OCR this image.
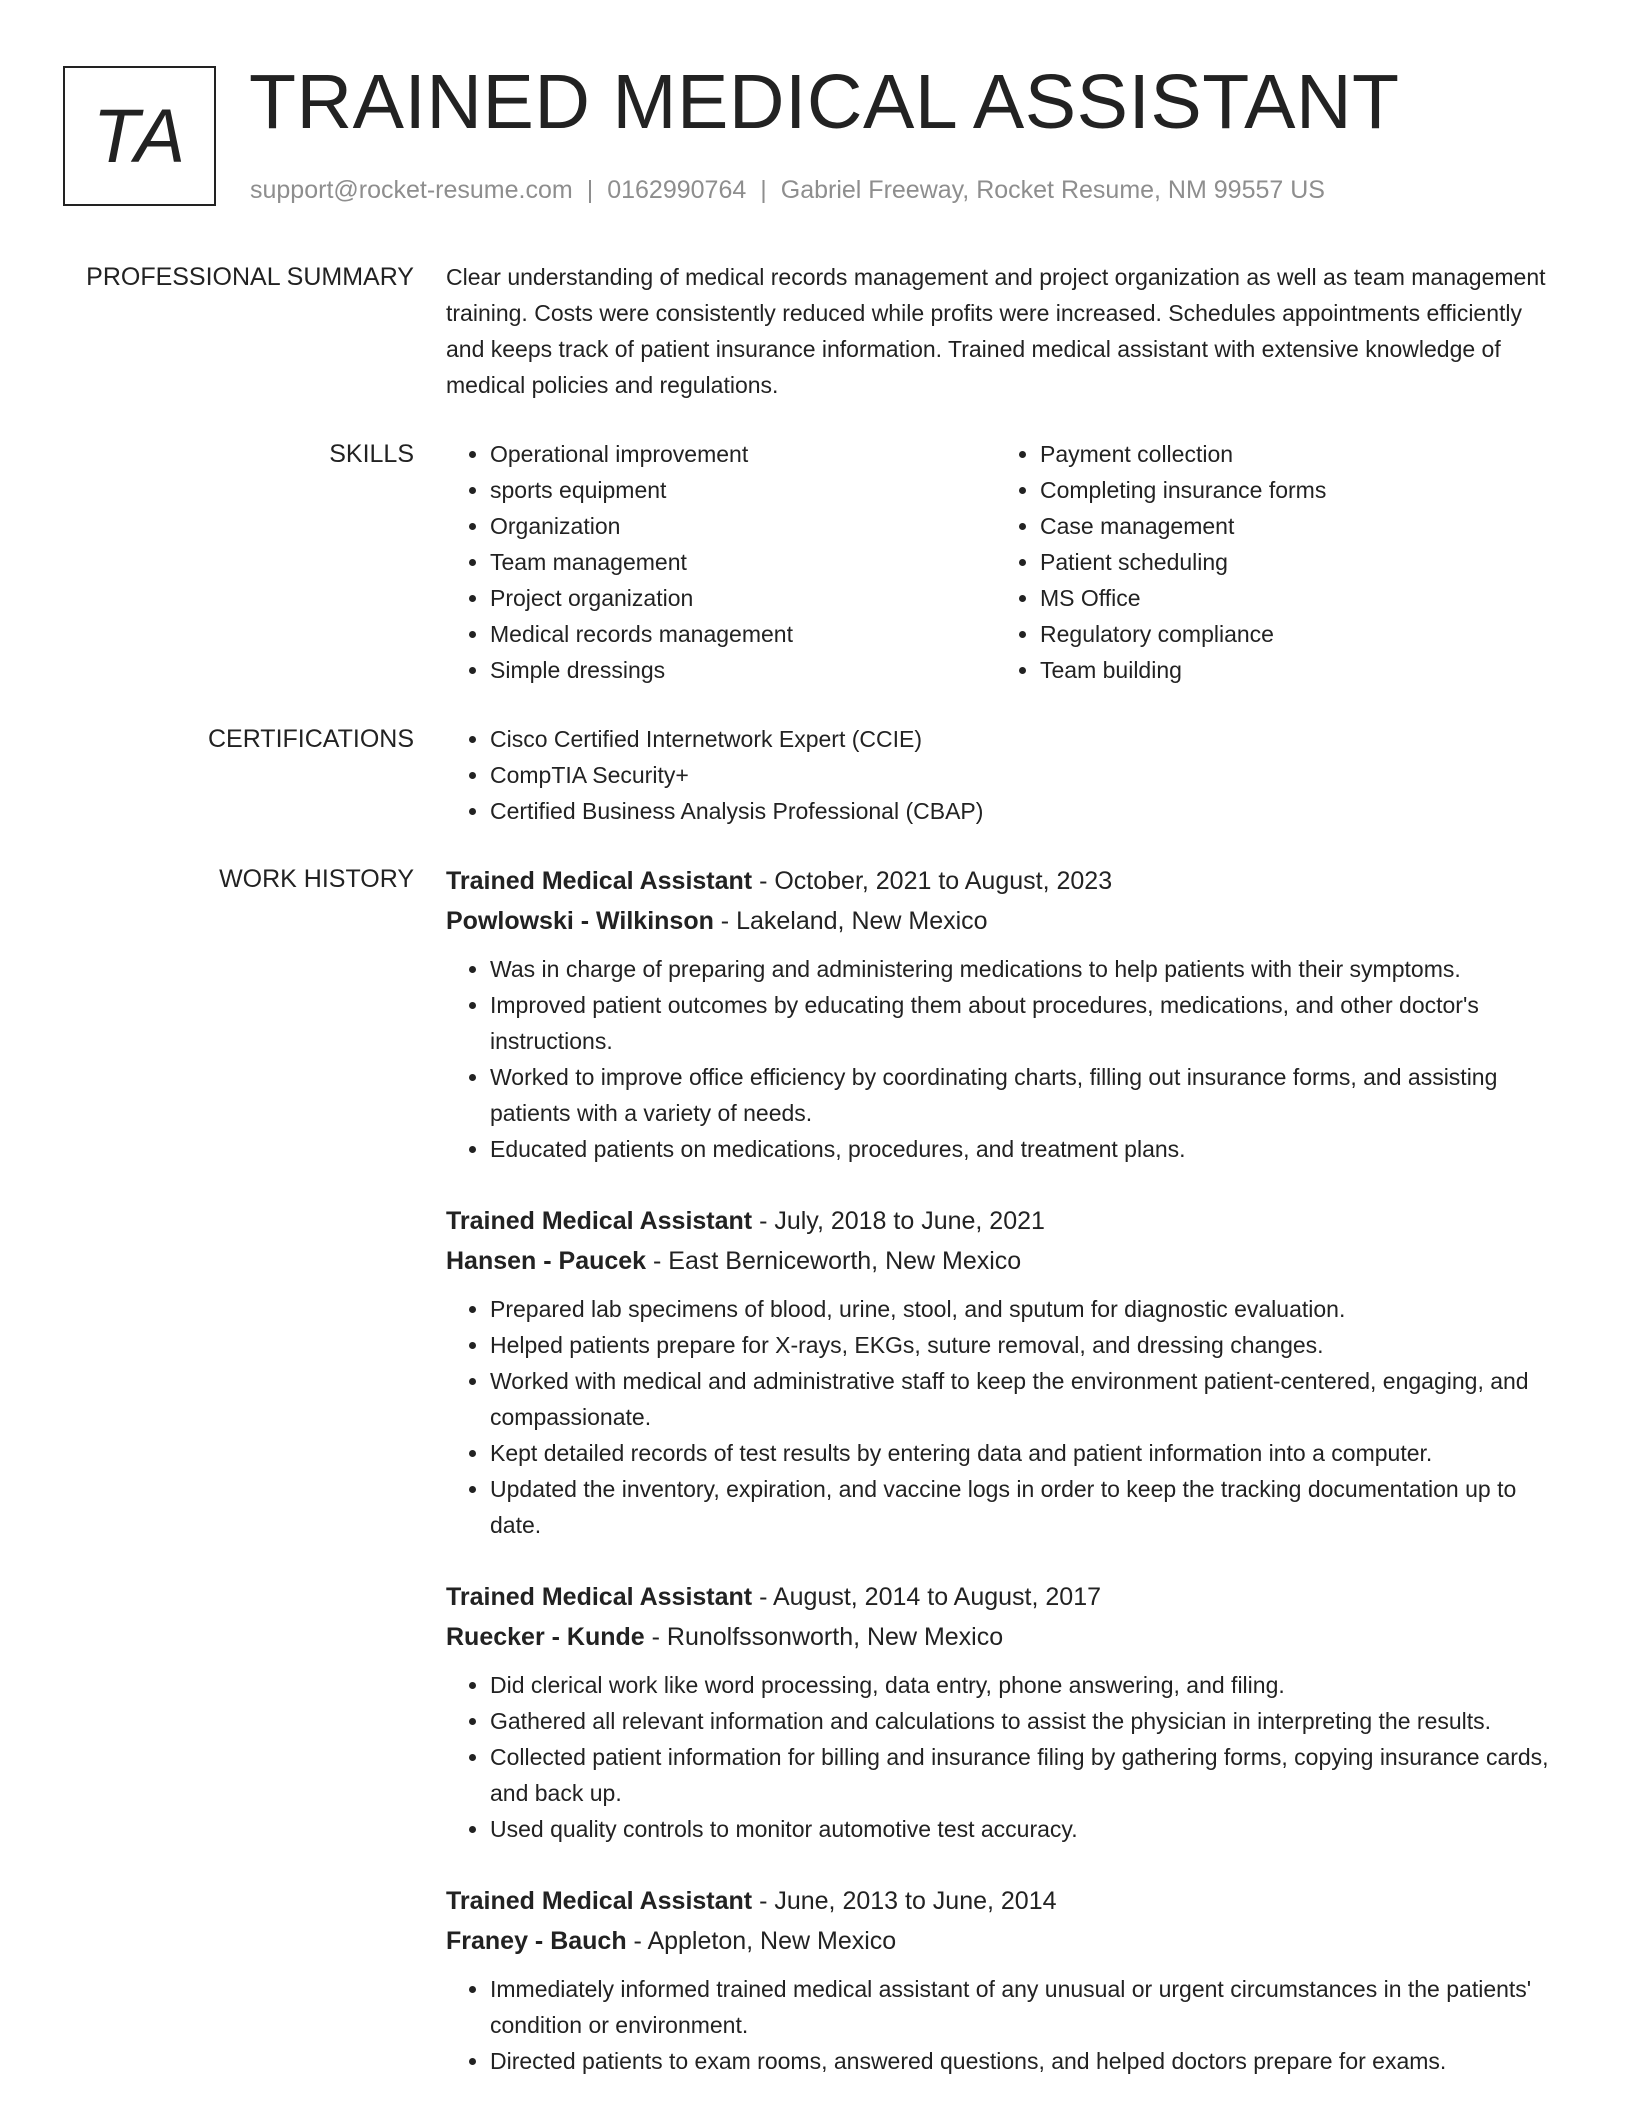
TA TRAINED MEDICAL ASSISTANT
support@rocket-resume.com | 0162990764 | Gabriel Freeway, Rocket Resume, NM 99557 US
PROFESSIONAL SUMMARY Clear understanding of medical records management and project organization as well as team management training. Costs were consistently reduced while profits were increased. Schedules appointments efficiently and keeps track of patient insurance information. Trained medical assistant with extensive knowledge of medical policies and regulations.

SKILLS	• Operational improvement
• sports equipment
• Organization
• Team management
• Project organization
• Medical records management
• Simple dressings
• Payment collection
• Completing insurance forms
• Case management
• Patient scheduling
• MS Office
• Regulatory compliance
• Team building
CERTIFICATIONS	• Cisco Certified Internetwork Expert (CCIE)
• CompTIA Security+
• Certified Business Analysis Professional (CBAP)
WORK HISTORY Trained Medical Assistant - October, 2021 to August, 2023
Powlowski - Wilkinson - Lakeland, New Mexico
• Was in charge of preparing and administering medications to help patients with their symptoms.
• Improved patient outcomes by educating them about procedures, medications, and other doctor's instructions.
• Worked to improve office efficiency by coordinating charts, filling out insurance forms, and assisting patients with a variety of needs.
• Educated patients on medications, procedures, and treatment plans.
Trained Medical Assistant - July, 2018 to June, 2021
Hansen - Paucek - East Berniceworth, New Mexico
• Prepared lab specimens of blood, urine, stool, and sputum for diagnostic evaluation.
• Helped patients prepare for X-rays, EKGs, suture removal, and dressing changes.
• Worked with medical and administrative staff to keep the environment patient-centered, engaging, and compassionate.
• Kept detailed records of test results by entering data and patient information into a computer.
• Updated the inventory, expiration, and vaccine logs in order to keep the tracking documentation up to date.
Trained Medical Assistant - August, 2014 to August, 2017
Ruecker - Kunde - Runolfssonworth, New Mexico
• Did clerical work like word processing, data entry, phone answering, and filing.
• Gathered all relevant information and calculations to assist the physician in interpreting the results.
• Collected patient information for billing and insurance filing by gathering forms, copying insurance cards, and back up.
• Used quality controls to monitor automotive test accuracy.
Trained Medical Assistant - June, 2013 to June, 2014
Franey - Bauch - Appleton, New Mexico
• Immediately informed trained medical assistant of any unusual or urgent circumstances in the patients' condition or environment.
• Directed patients to exam rooms, answered questions, and helped doctors prepare for exams.
